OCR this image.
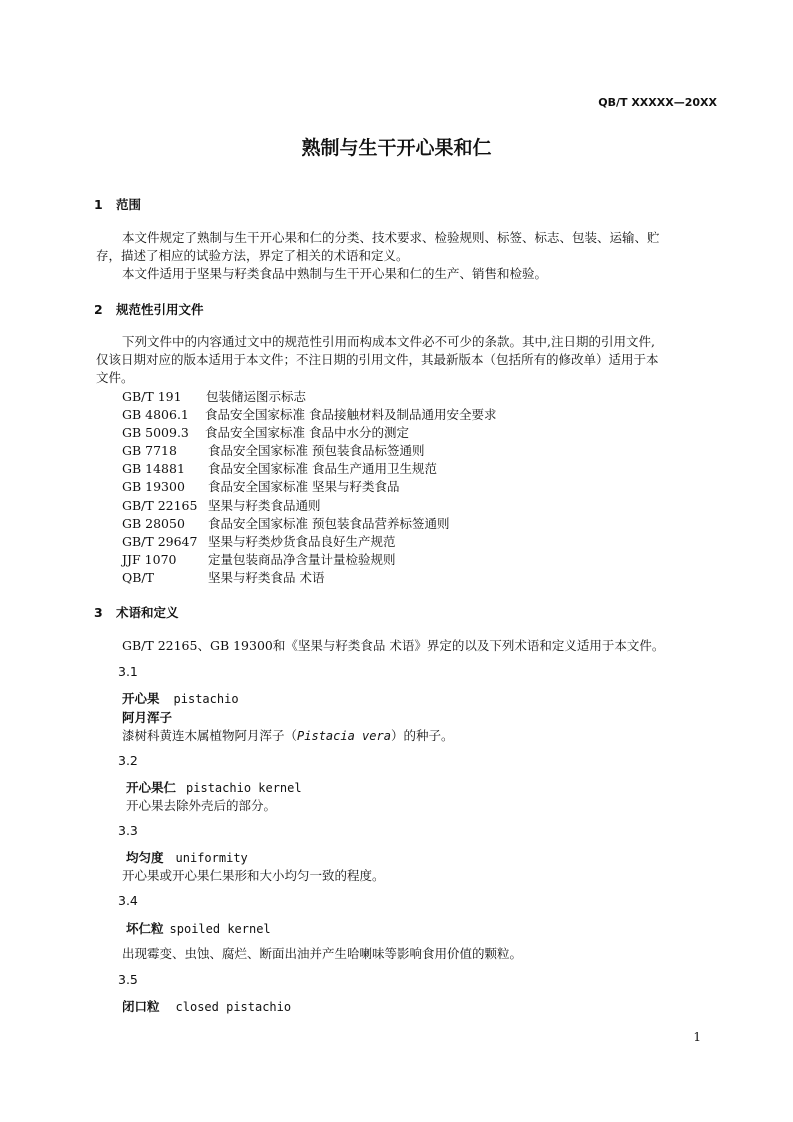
QB/T XXXXX—20XX
熟制与生干开心果和仁
1 范围
本文件规定了熟制与生干开心果和仁的分类、技术要求、检验规则、标签、标志、包装、运输、贮
存，描述了相应的试验方法，界定了相关的术语和定义。
本文件适用于坚果与籽类食品中熟制与生干开心果和仁的生产、销售和检验。
2 规范性引用文件
下列文件中的内容通过文中的规范性引用而构成本文件必不可少的条款。其中,注日期的引用文件,
仅该日期对应的版本适用于本文件；不注日期的引用文件，其最新版本（包括所有的修改单）适用于本
文件。
GB/T 191 包装储运图示标志
GB 4806.1 食品安全国家标准 食品接触材料及制品通用安全要求
GB 5009.3 食品安全国家标准 食品中水分的测定
GB 7718 食品安全国家标准 预包装食品标签通则
GB 14881 食品安全国家标准 食品生产通用卫生规范
GB 19300 食品安全国家标准 坚果与籽类食品
GB/T 22165 坚果与籽类食品通则
GB 28050 食品安全国家标准 预包装食品营养标签通则
GB/T 29647 坚果与籽类炒货食品良好生产规范
JJF 1070	定量包装商品净含量计量检验规则
QB/T	坚果与籽类食品 术语
3 术语和定义
GB/T 22165、GB 19300和《坚果与籽类食品 术语》界定的以及下列术语和定义适用于本文件。
3.1
开心果 pistachio
阿月浑子
漆树科黄连木属植物阿月浑子（Pistacia vera）的种子。
3.2
开心果仁 pistachio kernel
开心果去除外壳后的部分。
3.3
均匀度 uniformity
开心果或开心果仁果形和大小均匀一致的程度。
3.4
坏仁粒 spoiled kernel
出现霉变、虫蚀、腐烂、断面出油并产生哈喇味等影响食用价值的颗粒。
3.5
闭口粒 closed pistachio
1
